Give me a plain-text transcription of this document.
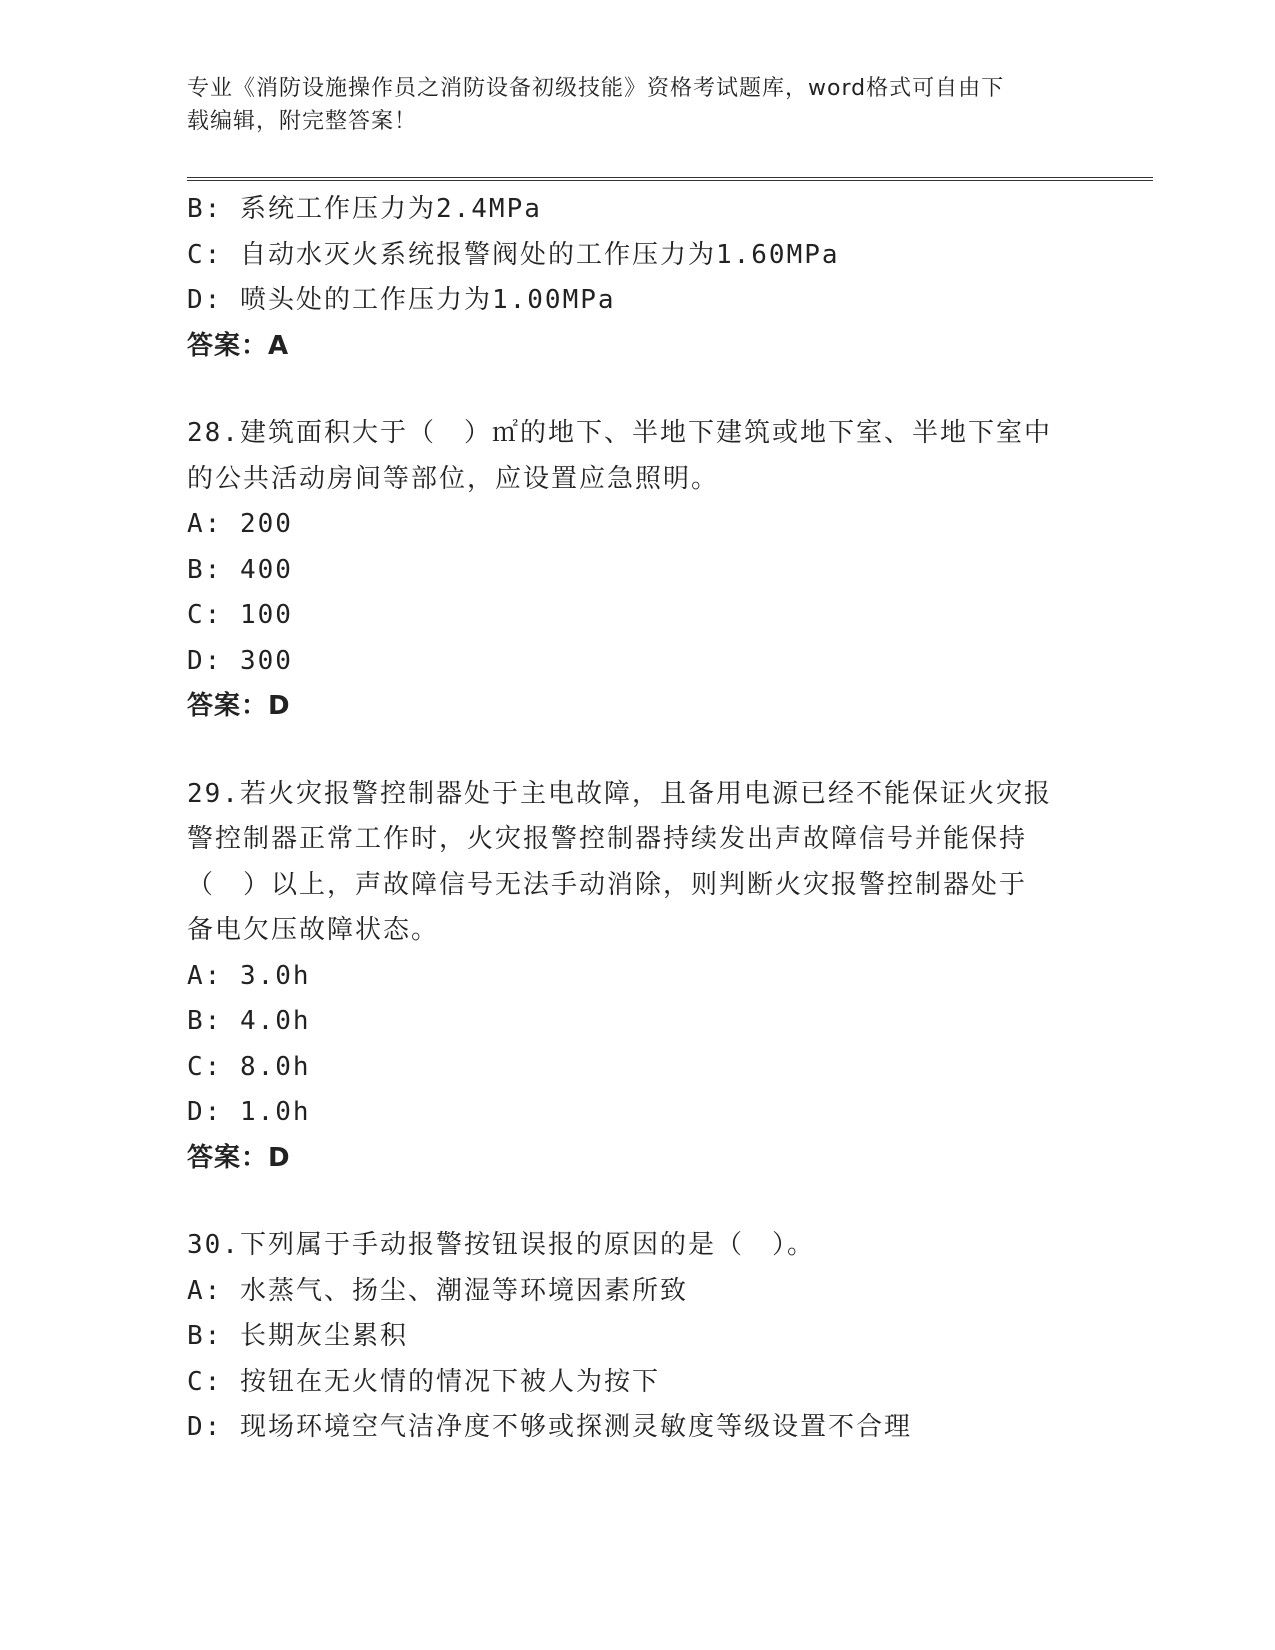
专业《消防设施操作员之消防设备初级技能》资格考试题库，word格式可自由下
载编辑，附完整答案！
B: 系统工作压力为2.4MPa
C: 自动水灭火系统报警阀处的工作压力为1.60MPa
D: 喷头处的工作压力为1.00MPa
答案：A
28.建筑面积大于（　）㎡的地下、半地下建筑或地下室、半地下室中
的公共活动房间等部位，应设置应急照明。
A: 200
B: 400
C: 100
D: 300
答案：D
29.若火灾报警控制器处于主电故障，且备用电源已经不能保证火灾报
警控制器正常工作时，火灾报警控制器持续发出声故障信号并能保持
（　）以上，声故障信号无法手动消除，则判断火灾报警控制器处于
备电欠压故障状态。
A: 3.0h
B: 4.0h
C: 8.0h
D: 1.0h
答案：D
30.下列属于手动报警按钮误报的原因的是（　）。
A: 水蒸气、扬尘、潮湿等环境因素所致
B: 长期灰尘累积
C: 按钮在无火情的情况下被人为按下
D: 现场环境空气洁净度不够或探测灵敏度等级设置不合理
